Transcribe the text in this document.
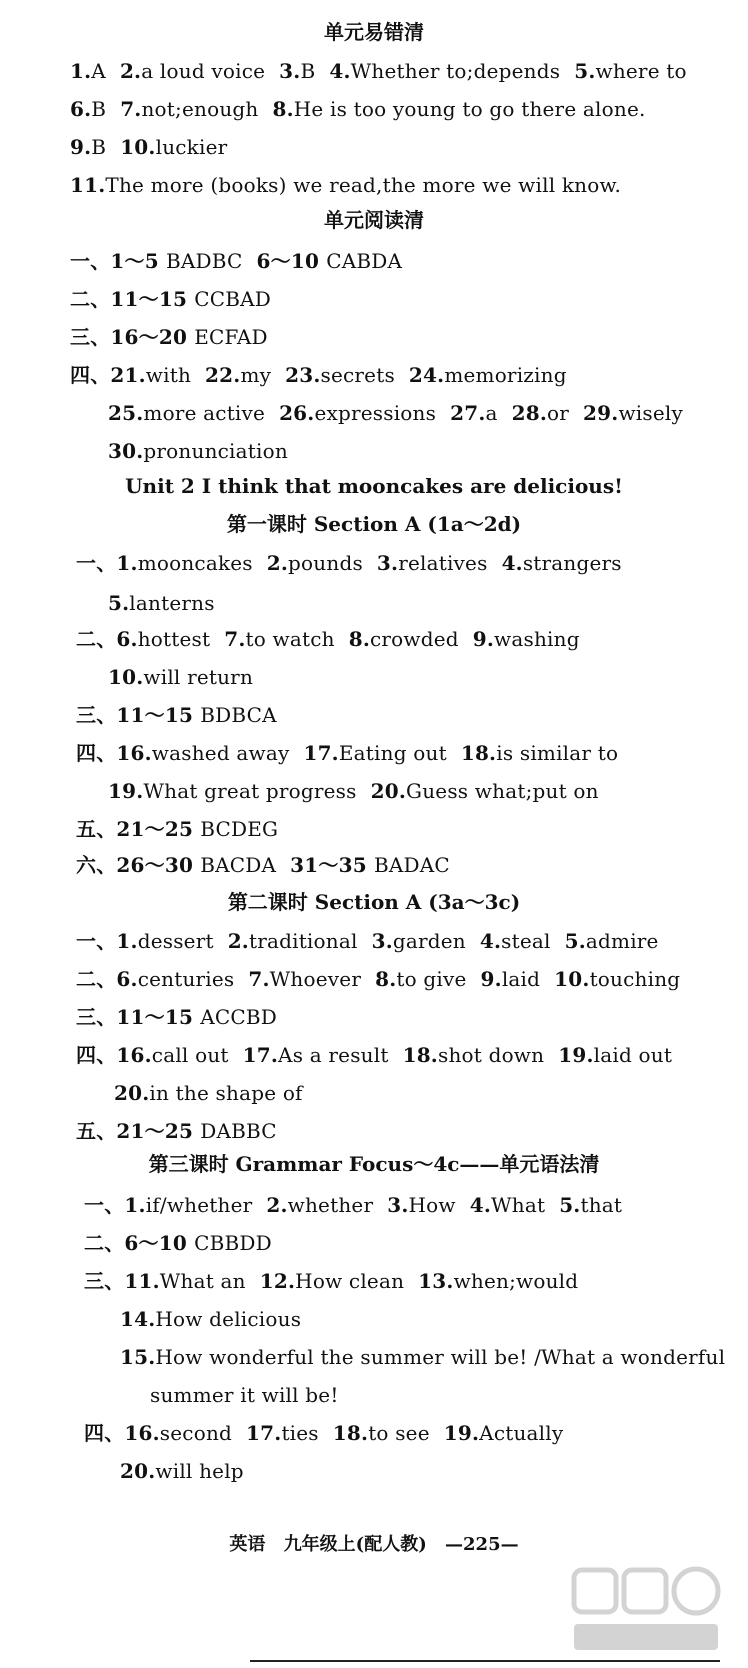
单元易错清
单元阅读清
Unit 2 I think that mooncakes are delicious!
第一课时 Section A (1a～2d)
第二课时 Section A (3a～3c)
第三课时 Grammar Focus～4c——单元语法清
1.A 2.a loud voice 3.B 4.Whether to;depends 5.where to
6.B 7.not;enough 8.He is too young to go there alone.
9.B 10.luckier
11.The more (books) we read,the more we will know.
一、1～5 BADBC 6～10 CABDA
二、11～15 CCBAD
三、16～20 ECFAD
四、21.with 22.my 23.secrets 24.memorizing
25.more active 26.expressions 27.a 28.or 29.wisely
30.pronunciation
一、1.mooncakes 2.pounds 3.relatives 4.strangers
5.lanterns
二、6.hottest 7.to watch 8.crowded 9.washing
10.will return
三、11～15 BDBCA
四、16.washed away 17.Eating out 18.is similar to
19.What great progress 20.Guess what;put on
五、21～25 BCDEG
六、26～30 BACDA 31～35 BADAC
一、1.dessert 2.traditional 3.garden 4.steal 5.admire
二、6.centuries 7.Whoever 8.to give 9.laid 10.touching
三、11～15 ACCBD
四、16.call out 17.As a result 18.shot down 19.laid out
20.in the shape of
五、21～25 DABBC
一、1.if/whether 2.whether 3.How 4.What 5.that
二、6～10 CBBDD
三、11.What an 12.How clean 13.when;would
14.How delicious
15.How wonderful the summer will be! /What a wonderful
summer it will be!
四、16.second 17.ties 18.to see 19.Actually
20.will help
英语 九年级上(配人教) —225—
